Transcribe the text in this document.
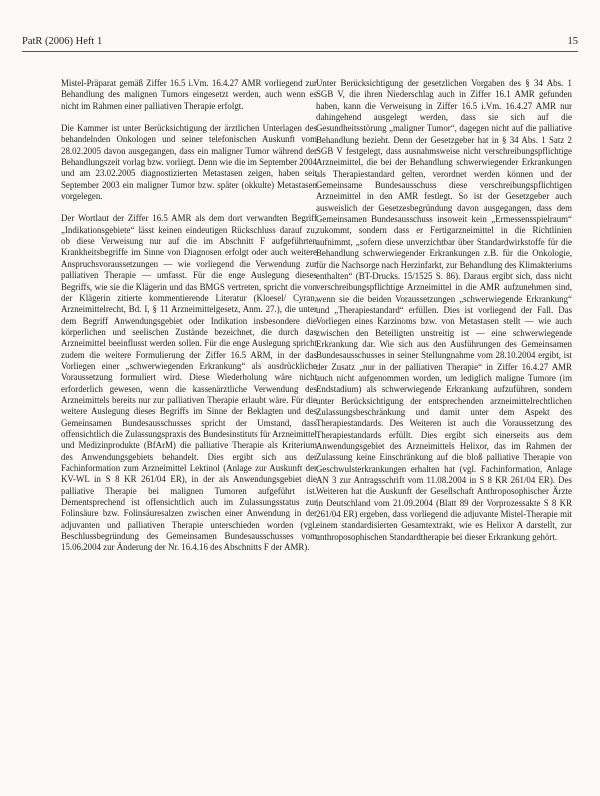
PatR (2006) Heft 1	15

Mistel-Präparat gemäß Ziffer 16.5 i.Vm. 16.4.27 AMR vorliegend zur Behandlung des malignen Tumors eingesetzt werden, auch wenn es nicht im Rahmen einer palliativen Therapie erfolgt.

Die Kammer ist unter Berücksichtigung der ärztlichen Unterlagen des behandelnden Onkologen und seiner telefonischen Auskunft vom 28.02.2005 davon ausgegangen, dass ein maligner Tumor während der Behandlungszeit vorlag bzw. vorliegt. Denn wie die im September 2004 und am 23.02.2005 diagnostizierten Metastasen zeigen, haben seit September 2003 ein maligner Tumor bzw. später (okkulte) Metastasen vorgelegen.

Der Wortlaut der Ziffer 16.5 AMR als dem dort verwandten Begriff „Indikationsgebiete“ lässt keinen eindeutigen Rückschluss darauf zu, ob diese Verweisung nur auf die im Abschnitt F aufgeführten Krankheitsbegriffe im Sinne von Diagnosen erfolgt oder auch weitere Anspruchsvoraussetzungen — wie vorliegend die Verwendung zur palliativen Therapie — umfasst. Für die enge Auslegung dieses Begriffs, wie sie die Klägerin und das BMGS vertreten, spricht die von der Klägerin zitierte kommentierende Literatur (Kloesel/ Cyran, Arzneimittelrecht, Bd. I, § 11 Arzneimittelgesetz, Anm. 27.), die unter dem Begriff Anwendungsgebiet oder Indikation insbesondere die körperlichen und seelischen Zustände bezeichnet, die durch das Arzneimittel beeinflusst werden sollen. Für die enge Auslegung spricht zudem die weitere Formulierung der Ziffer 16.5 ARM, in der das Vorliegen einer „schwerwiegenden Erkrankung“ als ausdrückliche Voraussetzung formuliert wird. Diese Wiederholung wäre nicht erforderlich gewesen, wenn die kassenärztliche Verwendung des Arzneimittels bereits nur zur palliativen Therapie erlaubt wäre. Für die weitere Auslegung dieses Begriffs im Sinne der Beklagten und des Gemeinsamen Bundesausschusses spricht der Umstand, dass offensichtlich die Zulassungspraxis des Bundesinstituts für Arzneimittel und Medizinprodukte (BfArM) die palliative Therapie als Kriterium des Anwendungsgebiets behandelt. Dies ergibt sich aus der Fachinformation zum Arzneimittel Lektinol (Anlage zur Auskunft der KV-WL in S 8 KR 261/04 ER), in der als Anwendungsgebiet die palliative Therapie bei malignen Tumoren aufgeführt ist. Dementsprechend ist offensichtlich auch im Zulassungsstatus zur Folinsäure bzw. Folinsäuresalzen zwischen einer Anwendung in der adjuvanten und palliativen Therapie unterschieden worden (vgl. Beschlussbegründung des Gemeinsamen Bundesausschusses vom 15.06.2004 zur Änderung der Nr. 16.4.16 des Abschnitts F der AMR).

Unter Berücksichtigung der gesetzlichen Vorgaben des § 34 Abs. 1 SGB V, die ihren Niederschlag auch in Ziffer 16.1 AMR gefunden haben, kann die Verweisung in Ziffer 16.5 i.Vm. 16.4.27 AMR nur dahingehend ausgelegt werden, dass sie sich auf die Gesundheitsstörung „maligner Tumor“, dagegen nicht auf die palliative Behandlung bezieht. Denn der Gesetzgeber hat in § 34 Abs. 1 Satz 2 SGB V festgelegt, dass ausnahmsweise nicht verschreibungspflichtige Arzneimittel, die bei der Behandlung schwerwiegender Erkrankungen als Therapiestandard gelten, verordnet werden können und der Gemeinsame Bundesausschuss diese verschreibungspflichtigen Arzneimittel in den AMR festlegt. So ist der Gesetzgeber auch ausweislich der Gesetzesbegründung davon ausgegangen, dass dem Gemeinsamen Bundesausschuss insoweit kein „Ermessensspielraum“ zukommt, sondern dass er Fertigarzneimittel in die Richtlinien aufnimmt, „sofern diese unverzichtbar über Standardwirkstoffe für die Behandlung schwerwiegender Erkrankungen z.B. für die Onkologie, für die Nachsorge nach Herzinfarkt, zur Behandlung des Klimakteriums enthalten“ (BT-Drucks. 15/1525 S. 86). Daraus ergibt sich, dass nicht verschreibungspflichtige Arzneimittel in die AMR aufzunehmen sind, wenn sie die beiden Voraussetzungen „schwerwiegende Erkrankung“ und „Therapiestandard“ erfüllen. Dies ist vorliegend der Fall. Das Vorliegen eines Karzinoms bzw. von Metastasen stellt — wie auch zwischen den Beteiligten unstreitig ist — eine schwerwiegende Erkrankung dar. Wie sich aus den Ausführungen des Gemeinsamen Bundesausschusses in seiner Stellungnahme vom 28.10.2004 ergibt, ist der Zusatz „nur in der palliativen Therapie“ in Ziffer 16.4.27 AMR auch nicht aufgenommen worden, um lediglich maligne Tumore (im Endstadium) als schwerwiegende Erkrankung aufzuführen, sondern unter Berücksichtigung der entsprechenden arzneimittelrechtlichen Zulassungsbeschränkung und damit unter dem Aspekt des Therapiestandards. Des Weiteren ist auch die Voraussetzung des Therapiestandards erfüllt. Dies ergibt sich einerseits aus dem Anwendungsgebiet des Arzneimittels Helixor, das im Rahmen der Zulassung keine Einschränkung auf die bloß palliative Therapie von Geschwulsterkrankungen erhalten hat (vgl. Fachinformation, Anlage AN 3 zur Antragsschrift vom 11.08.2004 in S 8 KR 261/04 ER). Des Weiteren hat die Auskunft der Gesellschaft Anthroposophischer Ärzte in Deutschland vom 21.09.2004 (Blatt 89 der Vorprozessakte S 8 KR 261/04 ER) ergeben, dass vorliegend die adjuvante Mistel-Therapie mit einem standardisierten Gesamtextrakt, wie es Helixor A darstellt, zur anthroposophischen Standardtherapie bei dieser Erkrankung gehört.
